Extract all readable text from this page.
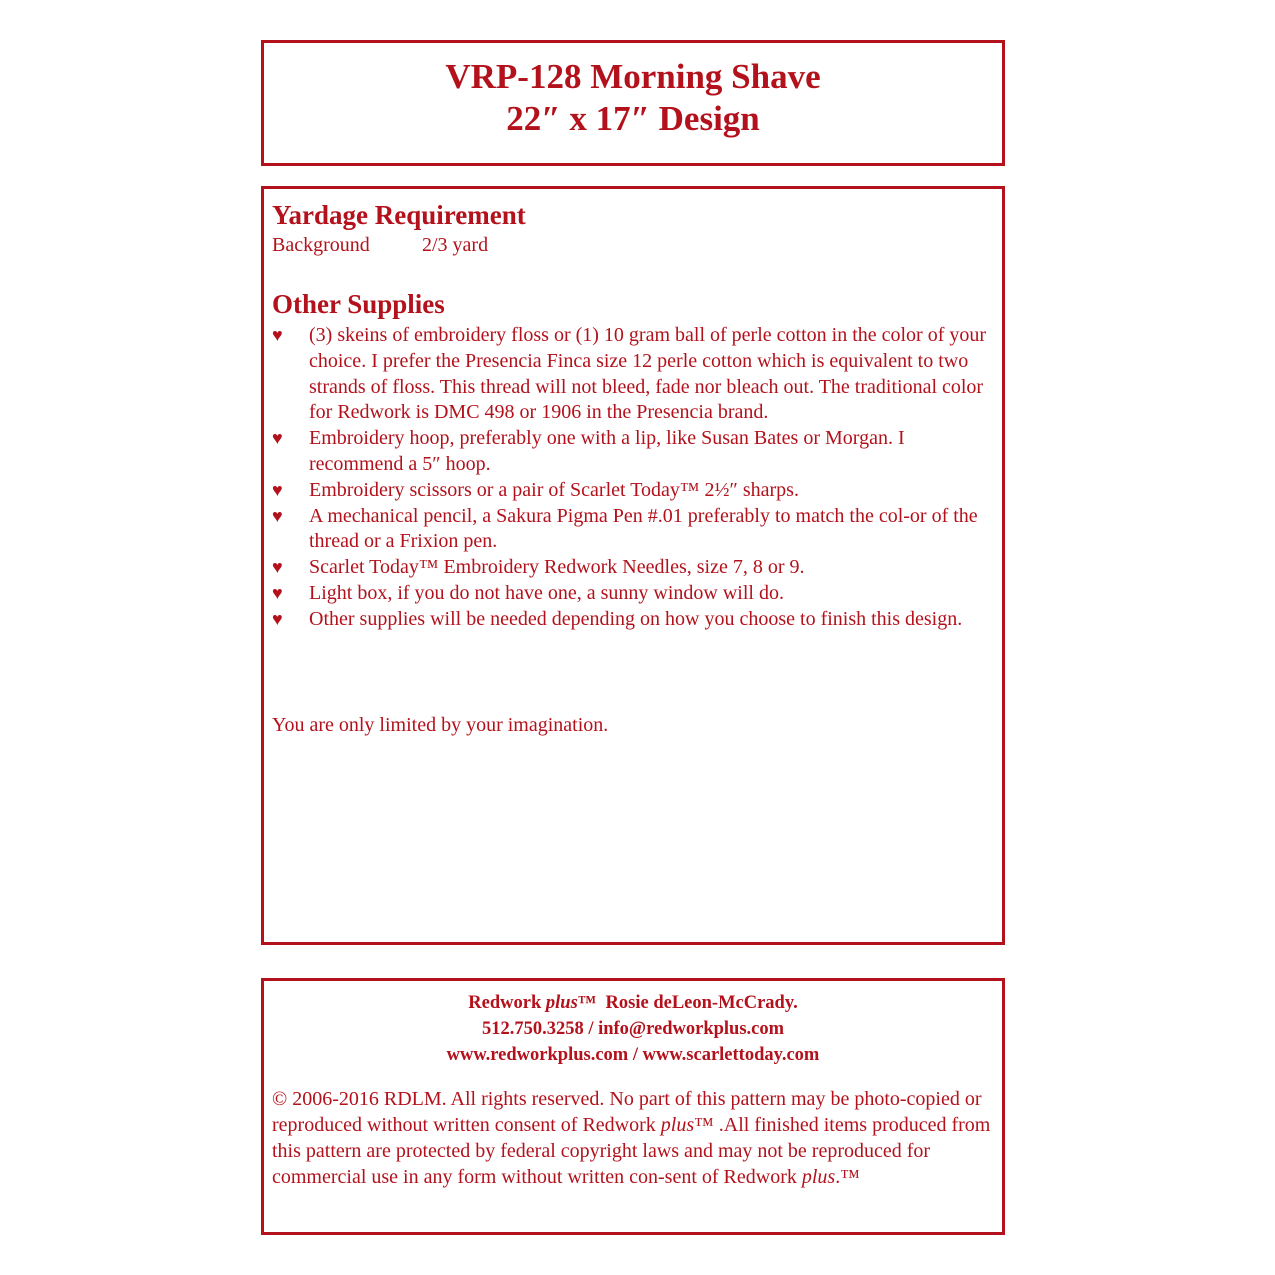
VRP-128 Morning Shave
22″ x 17″ Design
Yardage Requirement
Background	2/3 yard
Other Supplies
♥ (3) skeins of embroidery floss or (1) 10 gram ball of perle cotton in the color of your choice. I prefer the Presencia Finca size 12 perle cotton which is equivalent to two strands of floss. This thread will not bleed, fade nor bleach out. The traditional color for Redwork is DMC 498 or 1906 in the Presencia brand.
♥ Embroidery hoop, preferably one with a lip, like Susan Bates or Morgan. I recommend a 5″ hoop.
♥ Embroidery scissors or a pair of Scarlet Today™ 2½″ sharps.
♥ A mechanical pencil, a Sakura Pigma Pen #.01 preferably to match the col-or of the thread or a Frixion pen.
♥ Scarlet Today™ Embroidery Redwork Needles, size 7, 8 or 9.
♥ Light box, if you do not have one, a sunny window will do.
♥ Other supplies will be needed depending on how you choose to finish this design.
You are only limited by your imagination.
Redwork plus™ Rosie deLeon-McCrady.
512.750.3258 / info@redworkplus.com
www.redworkplus.com / www.scarlettoday.com
© 2006-2016 RDLM. All rights reserved. No part of this pattern may be photo-copied or reproduced without written consent of Redwork plus™ .All finished items produced from this pattern are protected by federal copyright laws and may not be reproduced for commercial use in any form without written con-sent of Redwork plus.™
